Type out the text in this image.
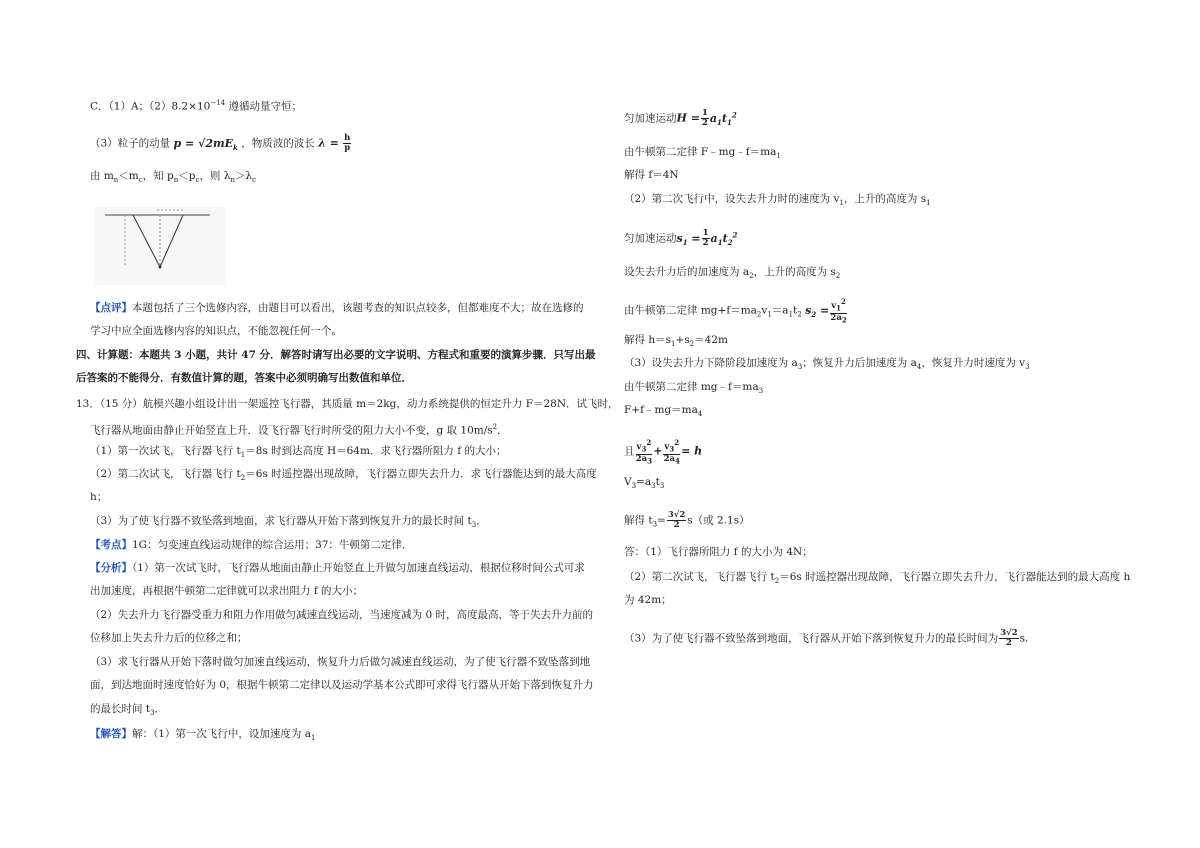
C．（1）A；$(2)8.2\times 10^{-14}$ 遵循动量守恒；
（3）粒子的动量 $p = √2mE_k$ ，物质波的波长 $\lambda = \frac{h}{p}$
由 $m_n<m_c$，知 $p_n<p_c$，则 $\lambda_n>\lambda_c$
【点评】本题包括了三个选修内容，由题目可以看出，该题考查的知识点较多，但都难度不大；故在选修的
学习中应全面选修内容的知识点，不能忽视任何一个。
四、计算题：本题共 3 小题，共计 47 分．解答时请写出必要的文字说明、方程式和重要的演算步骤．只写出最
后答案的不能得分．有数值计算的题，答案中必须明确写出数值和单位．
13．（15 分）航模兴趣小组设计出一架遥控飞行器，其质量 m＝2kg，动力系统提供的恒定升力 F＝28N．试飞时，
飞行器从地面由静止开始竖直上升．设飞行器飞行时所受的阻力大小不变，g 取 $10m/s^2$．
（1）第一次试飞，飞行器飞行 $t_1=8s$ 时到达高度 H＝64m．求飞行器所阻力 f 的大小；
（2）第二次试飞，飞行器飞行 $t_2=6s$ 时遥控器出现故障，飞行器立即失去升力．求飞行器能达到的最大高度
h；
（3）为了使飞行器不致坠落到地面，求飞行器从开始下落到恢复升力的最长时间 $t_3$．
【考点】1G：匀变速直线运动规律的综合运用；37：牛顿第二定律．
【分析】（1）第一次试飞时，飞行器从地面由静止开始竖直上升做匀加速直线运动，根据位移时间公式可求
出加速度，再根据牛顿第二定律就可以求出阻力 f 的大小；
（2）失去升力飞行器受重力和阻力作用做匀减速直线运动，当速度减为 0 时，高度最高，等于失去升力前的
位移加上失去升力后的位移之和；
（3）求飞行器从开始下落时做匀加速直线运动，恢复升力后做匀减速直线运动，为了使飞行器不致坠落到地
面，到达地面时速度恰好为 0，根据牛顿第二定律以及运动学基本公式即可求得飞行器从开始下落到恢复升力
的最长时间 $t_3$．
【解答】解：（1）第一次飞行中，设加速度为 $a_1$
匀加速运动$H = \frac{1}{2} a_1t_1^2$
由牛顿第二定律 $F﹣mg﹣f=ma_1$
解得 f＝4N
（2）第二次飞行中，设失去升力时的速度为 $v_1$，上升的高度为 $s_1$
匀加速运动$s_1 = \frac{1}{2} a_1t_2^2$
设失去升力后的加速度为 $a_2$，上升的高度为 $s_2$
由牛顿第二定律 $mg+f=ma_2v_1=a_1t_2$ $s_2 = \frac{v_1^2}{2a_2}$
解得 $h=s_1+s_2=42m$
（3）设失去升力下降阶段加速度为 $a_3$；恢复升力后加速度为 $a_4$，恢复升力时速度为 $v_3$
由牛顿第二定律 $mg﹣f=ma_3$
$F+f﹣mg=ma_4$
且 $\frac{v_3^2}{2a_3} + \frac{v_3^2}{2a_4} = h$
$V_3=a_3t_3$
解得 $t_3= \frac{3√2}{2} s$（或 2.1s）
答：（1）飞行器所阻力 f 的大小为 4N；
（2）第二次试飞，飞行器飞行 $t_2=6s$ 时遥控器出现故障，飞行器立即失去升力，飞行器能达到的最大高度 h
为 42m；
（3）为了使飞行器不致坠落到地面，飞行器从开始下落到恢复升力的最长时间为 $\frac{3√2}{2} s$.
